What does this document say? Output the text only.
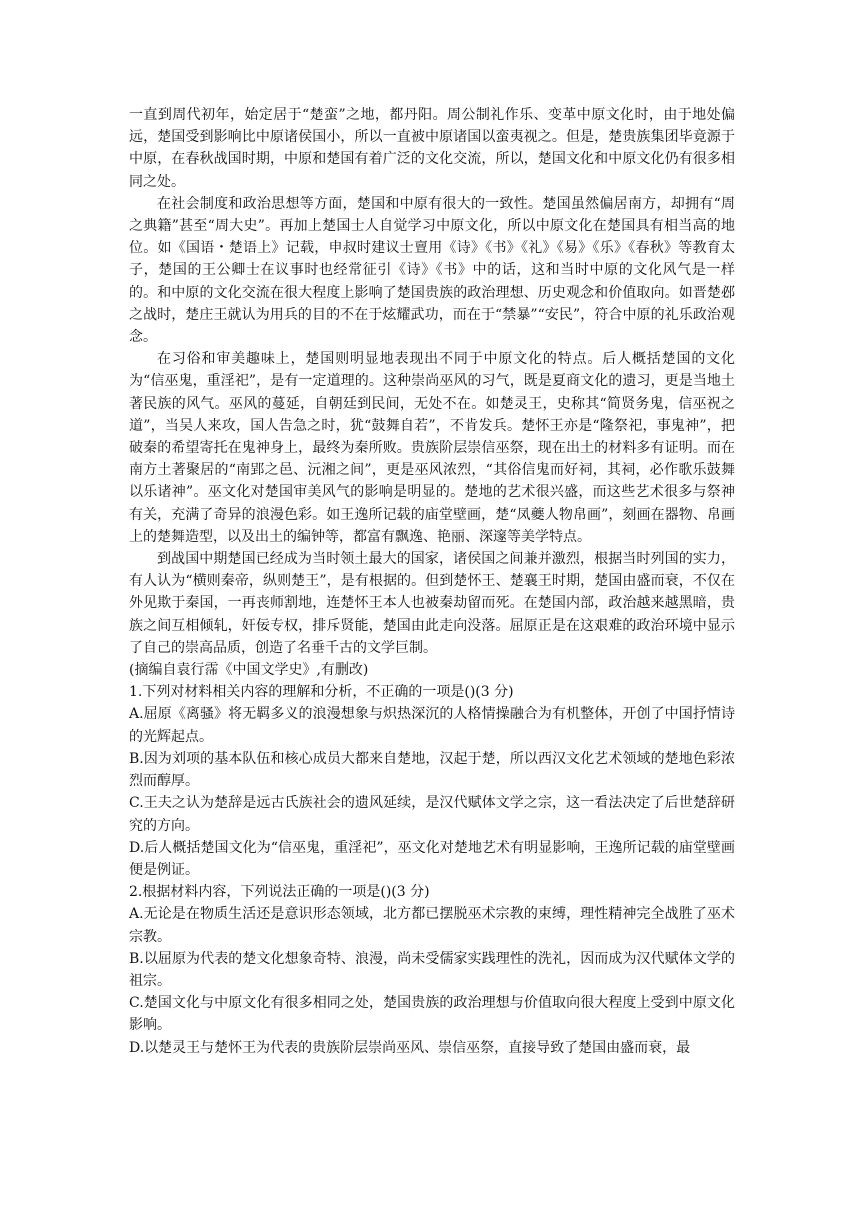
一直到周代初年，始定居于“楚蛮”之地，都丹阳。周公制礼作乐、变革中原文化时，由于地处偏远，楚国受到影响比中原诸侯国小，所以一直被中原诸国以蛮夷视之。但是，楚贵族集团毕竟源于中原，在春秋战国时期，中原和楚国有着广泛的文化交流，所以，楚国文化和中原文化仍有很多相同之处。

在社会制度和政治思想等方面，楚国和中原有很大的一致性。楚国虽然偏居南方，却拥有“周之典籍”甚至“周大史”。再加上楚国士人自觉学习中原文化，所以中原文化在楚国具有相当高的地位。如《国语・楚语上》记载，申叔时建议士亶用《诗》《书》《礼》《易》《乐》《春秋》等教育太子，楚国的王公卿士在议事时也经常征引《诗》《书》中的话，这和当时中原的文化风气是一样的。和中原的文化交流在很大程度上影响了楚国贵族的政治理想、历史观念和价值取向。如晋楚邲之战时，楚庄王就认为用兵的目的不在于炫耀武功，而在于“禁暴”“安民”，符合中原的礼乐政治观念。

在习俗和审美趣味上，楚国则明显地表现出不同于中原文化的特点。后人概括楚国的文化为“信巫鬼，重淫祀”，是有一定道理的。这种崇尚巫风的习气，既是夏商文化的遗习，更是当地土著民族的风气。巫风的蔓延，自朝廷到民间，无处不在。如楚灵王，史称其“简贤务鬼，信巫祝之道”，当吴人来攻，国人告急之时，犹“鼓舞自若”，不肯发兵。楚怀王亦是“隆祭祀，事鬼神”，把破秦的希望寄托在鬼神身上，最终为秦所败。贵族阶层崇信巫祭，现在出土的材料多有证明。而在南方土著聚居的“南郢之邑、沅湘之间”，更是巫风浓烈，“其俗信鬼而好祠，其祠，必作歌乐鼓舞以乐诸神”。巫文化对楚国审美风气的影响是明显的。楚地的艺术很兴盛，而这些艺术很多与祭神有关，充满了奇异的浪漫色彩。如王逸所记载的庙堂壁画，楚“凤夔人物帛画”，刻画在器物、帛画上的楚舞造型，以及出土的编钟等，都富有飘逸、艳丽、深邃等美学特点。

到战国中期楚国已经成为当时领土最大的国家，诸侯国之间兼并激烈，根据当时列国的实力，有人认为“横则秦帝，纵则楚王”，是有根据的。但到楚怀王、楚襄王时期，楚国由盛而衰，不仅在外见欺于秦国，一再丧师割地，连楚怀王本人也被秦劫留而死。在楚国内部，政治越来越黑暗，贵族之间互相倾轧，奸佞专权，排斥贤能，楚国由此走向没落。屈原正是在这艰难的政治环境中显示了自己的崇高品质，创造了名垂千古的文学巨制。

(摘编自袁行霈《中国文学史》,有删改)

1.下列对材料相关内容的理解和分析，不正确的一项是()(3 分)

A.屈原《离骚》将无羁多义的浪漫想象与炽热深沉的人格情操融合为有机整体，开创了中国抒情诗的光辉起点。

B.因为刘项的基本队伍和核心成员大都来自楚地，汉起于楚，所以西汉文化艺术领域的楚地色彩浓烈而醇厚。

C.王夫之认为楚辞是远古氏族社会的遗风延续，是汉代赋体文学之宗，这一看法决定了后世楚辞研究的方向。

D.后人概括楚国文化为“信巫鬼，重淫祀”，巫文化对楚地艺术有明显影响，王逸所记载的庙堂壁画便是例证。

2.根据材料内容，下列说法正确的一项是()(3 分)

A.无论是在物质生活还是意识形态领域，北方都已摆脱巫术宗教的束缚，理性精神完全战胜了巫术宗教。

B.以屈原为代表的楚文化想象奇特、浪漫，尚未受儒家实践理性的洗礼，因而成为汉代赋体文学的祖宗。

C.楚国文化与中原文化有很多相同之处，楚国贵族的政治理想与价值取向很大程度上受到中原文化影响。

D.以楚灵王与楚怀王为代表的贵族阶层崇尚巫风、崇信巫祭，直接导致了楚国由盛而衰，最
